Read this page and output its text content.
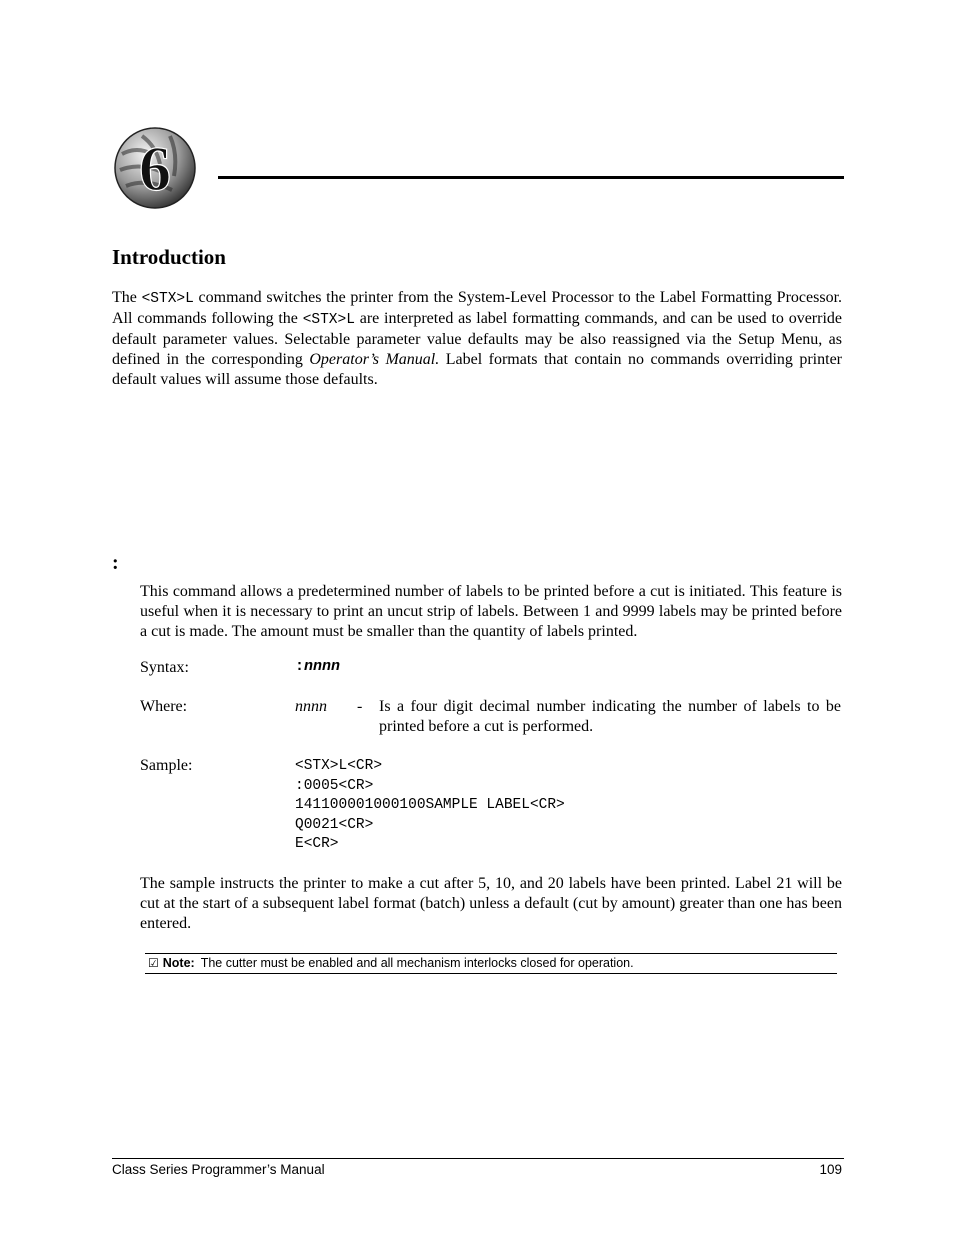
6
Introduction
The <STX>L command switches the printer from the System-Level Processor to the Label Formatting Processor. All commands following the <STX>L are interpreted as label formatting commands, and can be used to override default parameter values. Selectable parameter value defaults may be also reassigned via the Setup Menu, as defined in the corresponding Operator’s Manual. Label formats that contain no commands overriding printer default values will assume those defaults.
:
This command allows a predetermined number of labels to be printed before a cut is initiated. This feature is useful when it is necessary to print an uncut strip of labels. Between 1 and 9999 labels may be printed before a cut is made. The amount must be smaller than the quantity of labels printed.
Syntax:	:nnnn
Where:	nnnn - Is a four digit decimal number indicating the number of labels to be printed before a cut is performed.
Sample:	<STX>L<CR>
:0005<CR>
141100001000100SAMPLE LABEL<CR>
Q0021<CR>
E<CR>
The sample instructs the printer to make a cut after 5, 10, and 20 labels have been printed. Label 21 will be cut at the start of a subsequent label format (batch) unless a default (cut by amount) greater than one has been entered.
☑ Note: The cutter must be enabled and all mechanism interlocks closed for operation.
Class Series Programmer’s Manual	109
